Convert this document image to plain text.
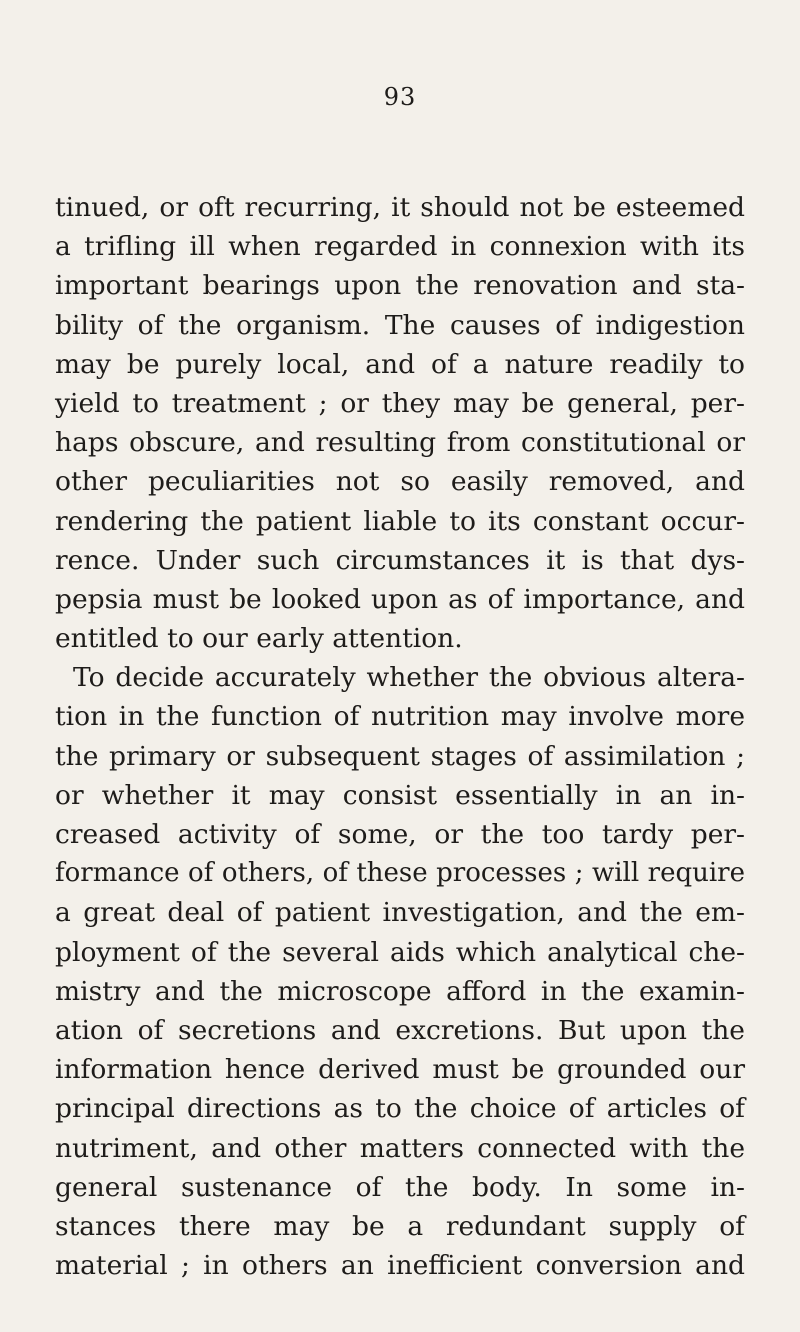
93
tinued, or oft recurring, it should not be esteemed
a trifling ill when regarded in connexion with its
important bearings upon the renovation and sta-
bility of the organism. The causes of indigestion
may be purely local, and of a nature readily to
yield to treatment ; or they may be general, per-
haps obscure, and resulting from constitutional or
other peculiarities not so easily removed, and
rendering the patient liable to its constant occur-
rence. Under such circumstances it is that dys-
pepsia must be looked upon as of importance, and
entitled to our early attention.
To decide accurately whether the obvious altera-
tion in the function of nutrition may involve more
the primary or subsequent stages of assimilation ;
or whether it may consist essentially in an in-
creased activity of some, or the too tardy per-
formance of others, of these processes ; will require
a great deal of patient investigation, and the em-
ployment of the several aids which analytical che-
mistry and the microscope afford in the examin-
ation of secretions and excretions. But upon the
information hence derived must be grounded our
principal directions as to the choice of articles of
nutriment, and other matters connected with the
general sustenance of the body. In some in-
stances there may be a redundant supply of
material ; in others an inefficient conversion and
